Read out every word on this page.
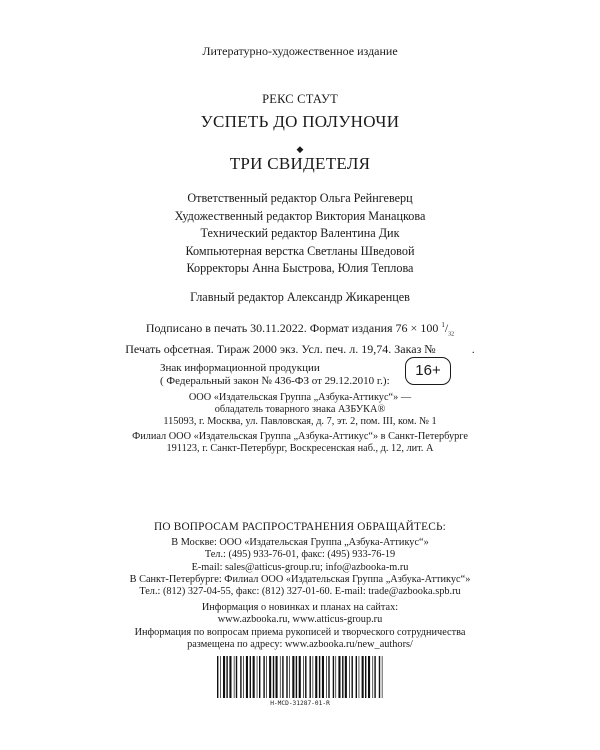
Литературно-художественное издание
РЕКС СТАУТ
УСПЕТЬ ДО ПОЛУНОЧИ
◆
ТРИ СВИДЕТЕЛЯ
Ответственный редактор Ольга Рейнгеверц
Художественный редактор Виктория Манацкова
Технический редактор Валентина Дик
Компьютерная верстка Светланы Шведовой
Корректоры Анна Быстрова, Юлия Теплова
Главный редактор Александр Жикаренцев
Подписано в печать 30.11.2022. Формат издания 76 × 100 $^1/_{32}$
Печать офсетная. Тираж 2000 экз. Усл. печ. л. 19,74. Заказ №            .
Знак информационной продукции
( Федеральный закон № 436-ФЗ от 29.12.2010 г.):
16+
ООО «Издательская Группа „Азбука-Аттикус“» —
обладатель товарного знака АЗБУКА®
115093, г. Москва, ул. Павловская, д. 7, эт. 2, пом. III, ком. № 1
Филиал ООО «Издательская Группа „Азбука-Аттикус“» в Санкт-Петербурге
191123, г. Санкт-Петербург, Воскресенская наб., д. 12, лит. А
ПО ВОПРОСАМ РАСПРОСТРАНЕНИЯ ОБРАЩАЙТЕСЬ:
В Москве: ООО «Издательская Группа „Азбука-Аттикус“»
Тел.: (495) 933-76-01, факс: (495) 933-76-19
E-mail: sales@atticus-group.ru; info@azbooka-m.ru
В Санкт-Петербурге: Филиал ООО «Издательская Группа „Азбука-Аттикус“»
Тел.: (812) 327-04-55, факс: (812) 327-01-60. E-mail: trade@azbooka.spb.ru
Информация о новинках и планах на сайтах:
www.azbooka.ru, www.atticus-group.ru
Информация по вопросам приема рукописей и творческого сотрудничества
размещена по адресу: www.azbooka.ru/new_authors/
Н-МСD-31287-01-R
